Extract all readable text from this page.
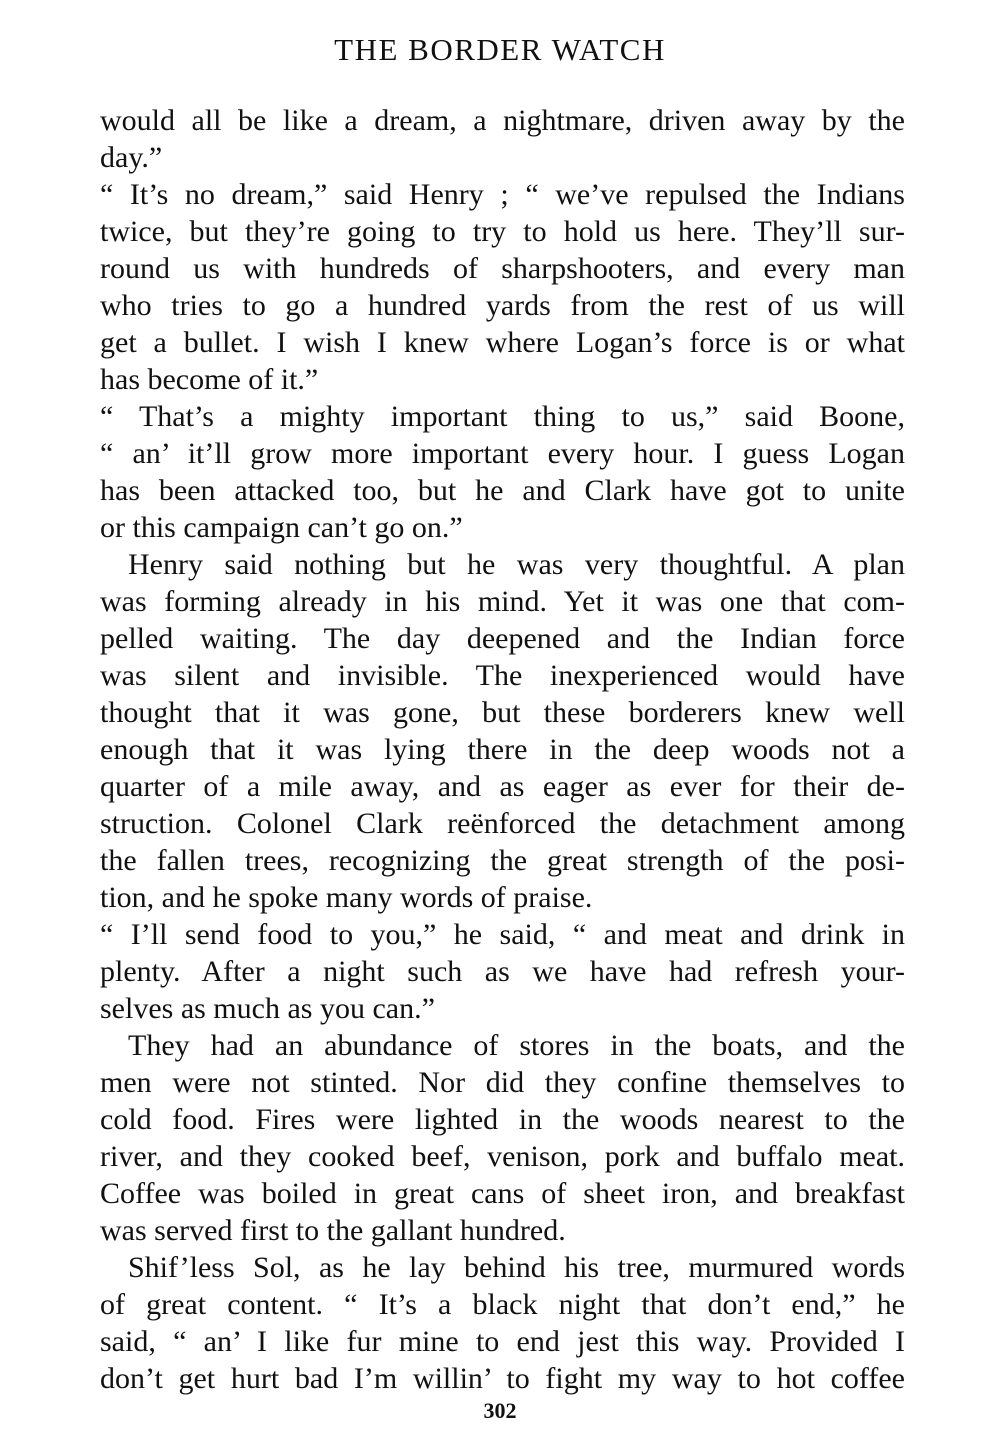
THE BORDER WATCH
would all be like a dream, a nightmare, driven away by the
day.”
“ It’s no dream,” said Henry ; “ we’ve repulsed the Indians
twice, but they’re going to try to hold us here. They’ll sur-
round us with hundreds of sharpshooters, and every man
who tries to go a hundred yards from the rest of us will
get a bullet. I wish I knew where Logan’s force is or what
has become of it.”
“ That’s a mighty important thing to us,” said Boone,
“ an’ it’ll grow more important every hour. I guess Logan
has been attacked too, but he and Clark have got to unite
or this campaign can’t go on.”
Henry said nothing but he was very thoughtful. A plan
was forming already in his mind. Yet it was one that com-
pelled waiting. The day deepened and the Indian force
was silent and invisible. The inexperienced would have
thought that it was gone, but these borderers knew well
enough that it was lying there in the deep woods not a
quarter of a mile away, and as eager as ever for their de-
struction. Colonel Clark reënforced the detachment among
the fallen trees, recognizing the great strength of the posi-
tion, and he spoke many words of praise.
“ I’ll send food to you,” he said, “ and meat and drink in
plenty. After a night such as we have had refresh your-
selves as much as you can.”
They had an abundance of stores in the boats, and the
men were not stinted. Nor did they confine themselves to
cold food. Fires were lighted in the woods nearest to the
river, and they cooked beef, venison, pork and buffalo meat.
Coffee was boiled in great cans of sheet iron, and breakfast
was served first to the gallant hundred.
Shif’less Sol, as he lay behind his tree, murmured words
of great content. “ It’s a black night that don’t end,” he
said, “ an’ I like fur mine to end jest this way. Provided I
don’t get hurt bad I’m willin’ to fight my way to hot coffee
302
